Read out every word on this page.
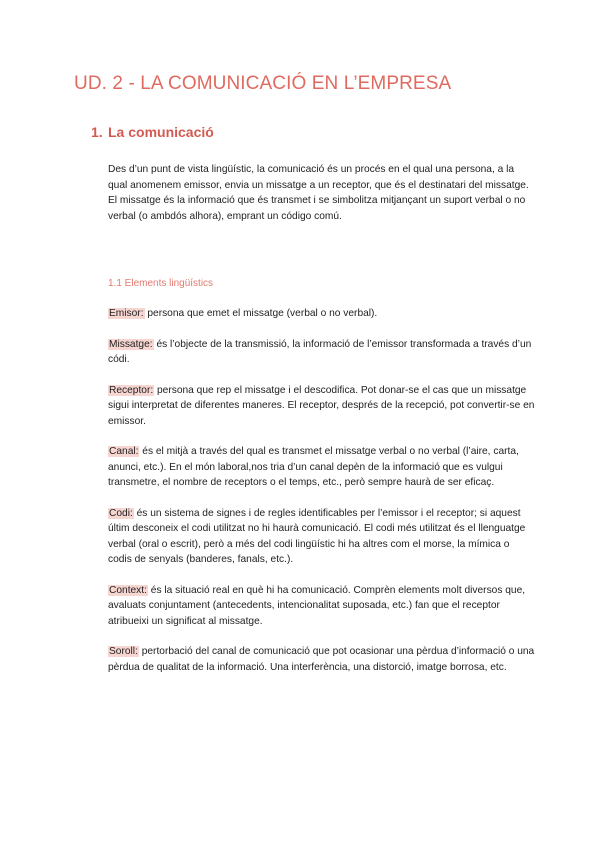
UD. 2 - LA COMUNICACIÓ EN L’EMPRESA
1. La comunicació

Des d’un punt de vista lingüístic, la comunicació és un procés en el qual una persona, a la qual anomenem emissor, envia un missatge a un receptor, que és el destinatari del missatge. El missatge és la informació que és transmet i se simbolitza mitjançant un suport verbal o no verbal (o ambdós alhora), emprant un código comú.

1.1 Elements lingüístics

Emisor: persona que emet el missatge (verbal o no verbal).

Missatge: és l’objecte de la transmissió, la informació de l’emissor transformada a través d’un códi.

Receptor: persona que rep el missatge i el descodifica. Pot donar-se el cas que un missatge sigui interpretat de diferentes maneres. El receptor, després de la recepció, pot convertir-se en emissor.

Canal: és el mitjà a través del qual es transmet el missatge verbal o no verbal (l’aire, carta, anunci, etc.). En el món laboral,nos tria d’un canal depèn de la informació que es vulgui transmetre, el nombre de receptors o el temps, etc., però sempre haurà de ser eficaç.

Codi: és un sistema de signes i de regles identificables per l’emissor i el receptor; si aquest últim desconeix el codi utilitzat no hi haurà comunicació. El codi més utilitzat és el llenguatge verbal (oral o escrit), però a més del codi lingüístic hi ha altres com el morse, la mímica o codis de senyals (banderes, fanals, etc.).

Context: és la situació real en què hi ha comunicació. Comprèn elements molt diversos que, avaluats conjuntament (antecedents, intencionalitat suposada, etc.) fan que el receptor atribueixi un significat al missatge.

Soroll: pertorbació del canal de comunicació que pot ocasionar una pèrdua d’informació o una pèrdua de qualitat de la informació. Una interferència, una distorció, imatge borrosa, etc.
